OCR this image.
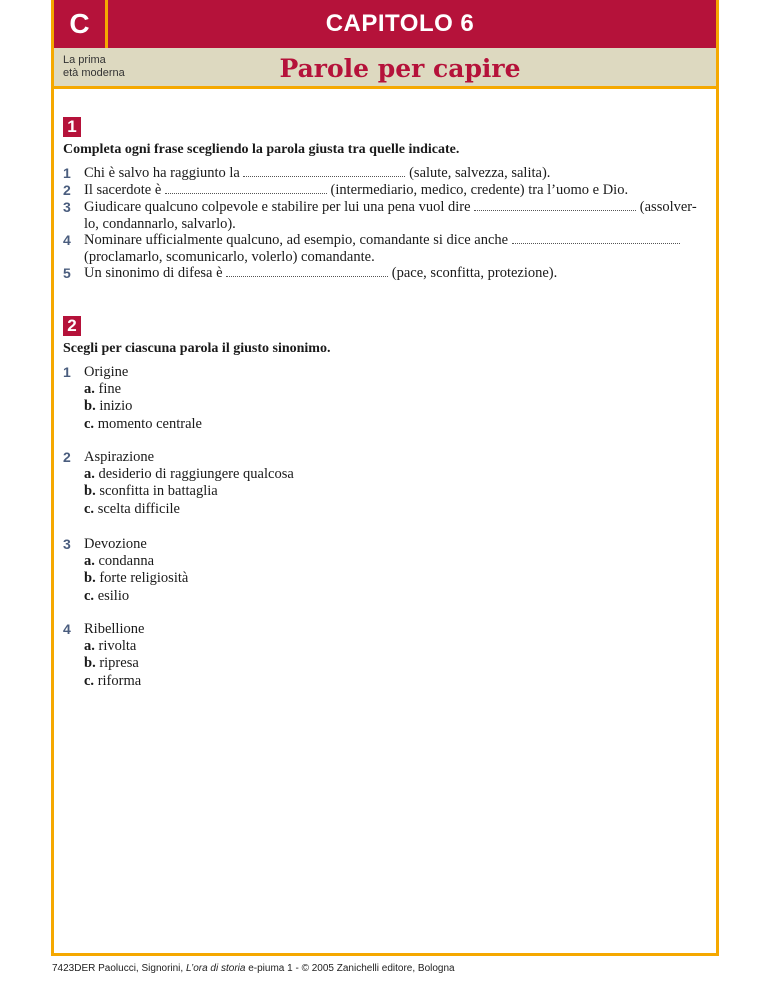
C	CAPITOLO 6
La prima
età moderna	Parole per capire
1
Completa ogni frase scegliendo la parola giusta tra quelle indicate.
1 Chi è salvo ha raggiunto la	(salute, salvezza, salita).
2 Il sacerdote è	(intermediario, medico, credente) tra l’uomo e Dio.
3 Giudicare qualcuno colpevole e stabilire per lui una pena vuol dire	(assolver-
lo, condannarlo, salvarlo).
4 Nominare ufficialmente qualcuno, ad esempio, comandante si dice anche
(proclamarlo, scomunicarlo, volerlo) comandante.
5 Un sinonimo di difesa è	(pace, sconfitta, protezione).
2
Scegli per ciascuna parola il giusto sinonimo.
1 Origine
a. fine
b. inizio
c. momento centrale
2 Aspirazione
a. desiderio di raggiungere qualcosa
b. sconfitta in battaglia
c. scelta difficile
3 Devozione
a. condanna
b. forte religiosità
c. esilio
4 Ribellione
a. rivolta
b. ripresa
c. riforma
7423DER Paolucci, Signorini, L’ora di storia e-piuma 1 - © 2005 Zanichelli editore, Bologna
